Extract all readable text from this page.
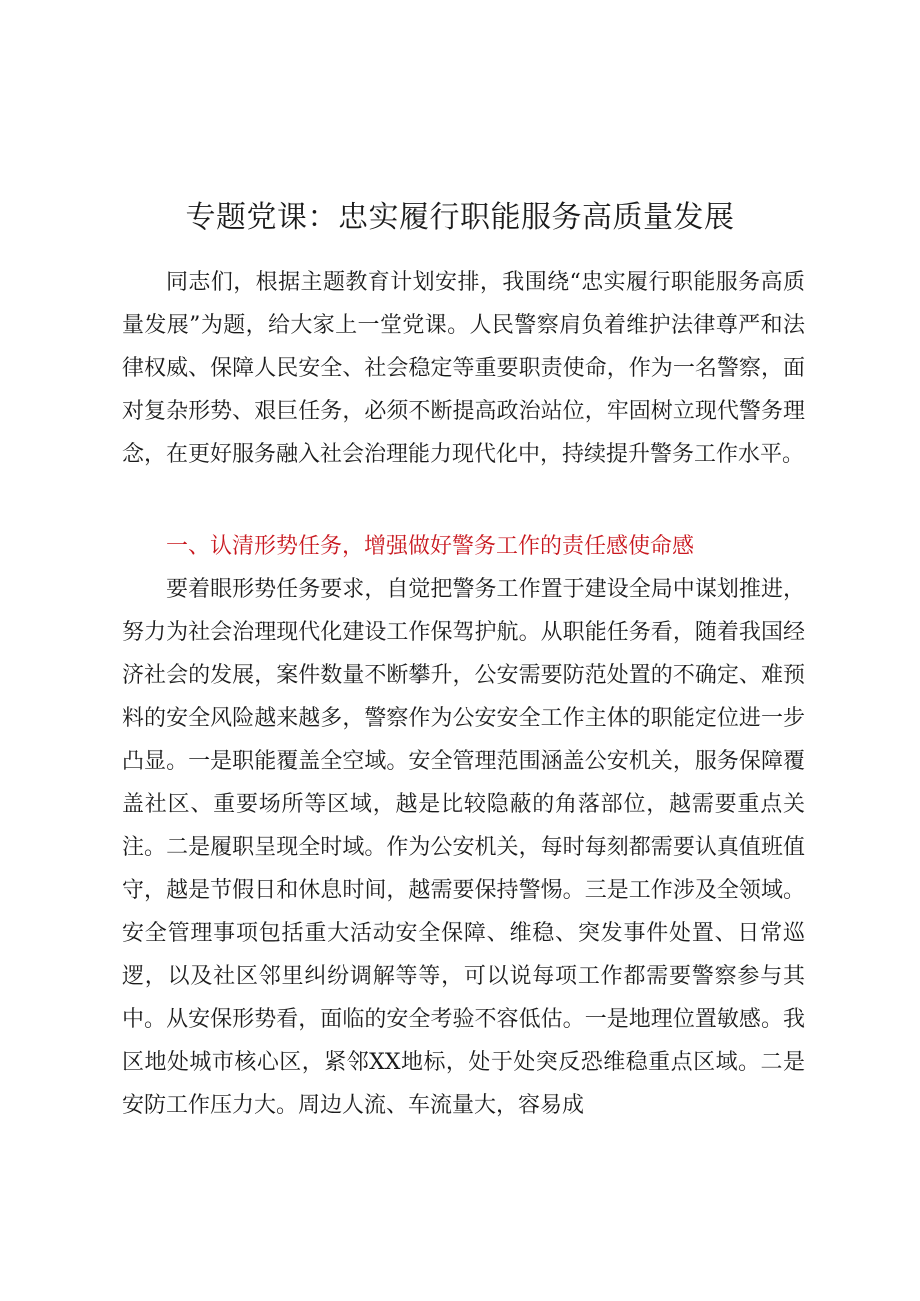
专题党课：忠实履行职能服务高质量发展

同志们，根据主题教育计划安排，我围绕“忠实履行职能服务高质量发展”为题，给大家上一堂党课。人民警察肩负着维护法律尊严和法律权威、保障人民安全、社会稳定等重要职责使命，作为一名警察，面对复杂形势、艰巨任务，必须不断提高政治站位，牢固树立现代警务理念，在更好服务融入社会治理能力现代化中，持续提升警务工作水平。

一、认清形势任务，增强做好警务工作的责任感使命感

要着眼形势任务要求，自觉把警务工作置于建设全局中谋划推进，努力为社会治理现代化建设工作保驾护航。从职能任务看，随着我国经济社会的发展，案件数量不断攀升，公安需要防范处置的不确定、难预料的安全风险越来越多，警察作为公安安全工作主体的职能定位进一步凸显。一是职能覆盖全空域。安全管理范围涵盖公安机关，服务保障覆盖社区、重要场所等区域，越是比较隐蔽的角落部位，越需要重点关注。二是履职呈现全时域。作为公安机关，每时每刻都需要认真值班值守，越是节假日和休息时间，越需要保持警惕。三是工作涉及全领域。安全管理事项包括重大活动安全保障、维稳、突发事件处置、日常巡逻，以及社区邻里纠纷调解等等，可以说每项工作都需要警察参与其中。从安保形势看，面临的安全考验不容低估。一是地理位置敏感。我区地处城市核心区，紧邻XX地标，处于处突反恐维稳重点区域。二是安防工作压力大。周边人流、车流量大，容易成
